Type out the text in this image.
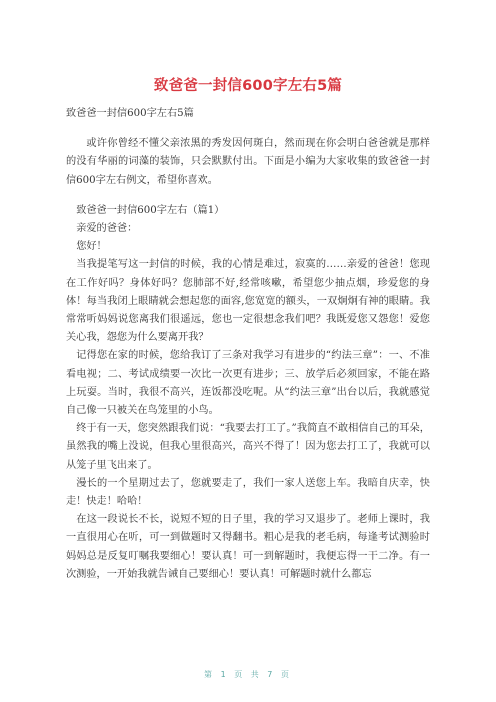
致爸爸一封信600字左右5篇

致爸爸一封信600字左右5篇

或许你曾经不懂父亲浓黑的秀发因何斑白，然而现在你会明白爸爸就是那样的没有华丽的词藻的装饰，只会默默付出。下面是小编为大家收集的致爸爸一封信600字左右例文，希望你喜欢。

致爸爸一封信600字左右（篇1）

亲爱的爸爸：

您好！

当我提笔写这一封信的时候，我的心情是难过，寂寞的……亲爱的爸爸！您现在工作好吗？身体好吗？您肺部不好,经常咳嗽，希望您少抽点烟，珍爱您的身体！每当我闭上眼睛就会想起您的面容,您宽宽的额头，一双炯炯有神的眼睛。我常常听妈妈说您离我们很遥远，您也一定很想念我们吧？我既爱您又怨您！爱您关心我，怨您为什么要离开我？

记得您在家的时候，您给我订了三条对我学习有进步的“约法三章”：一、不准看电视；二、考试成绩要一次比一次更有进步；三、放学后必须回家，不能在路上玩耍。当时，我很不高兴，连饭都没吃呢。从“约法三章”出台以后，我就感觉自己像一只被关在鸟笼里的小鸟。

终于有一天，您突然跟我们说：“我要去打工了。”我简直不敢相信自己的耳朵，虽然我的嘴上没说，但我心里很高兴，高兴不得了！因为您去打工了，我就可以从笼子里飞出来了。

漫长的一个星期过去了，您就要走了，我们一家人送您上车。我暗自庆幸，快走！快走！哈哈！

在这一段说长不长，说短不短的日子里，我的学习又退步了。老师上课时，我一直很用心在听，可一到做题时又得翻书。粗心是我的老毛病，每逢考试测验时妈妈总是反复叮嘱我要细心！要认真！可一到解题时，我便忘得一干二净。有一次测验，一开始我就告诫自己要细心！要认真！可解题时就什么都忘

第 1 页 共 7 页
